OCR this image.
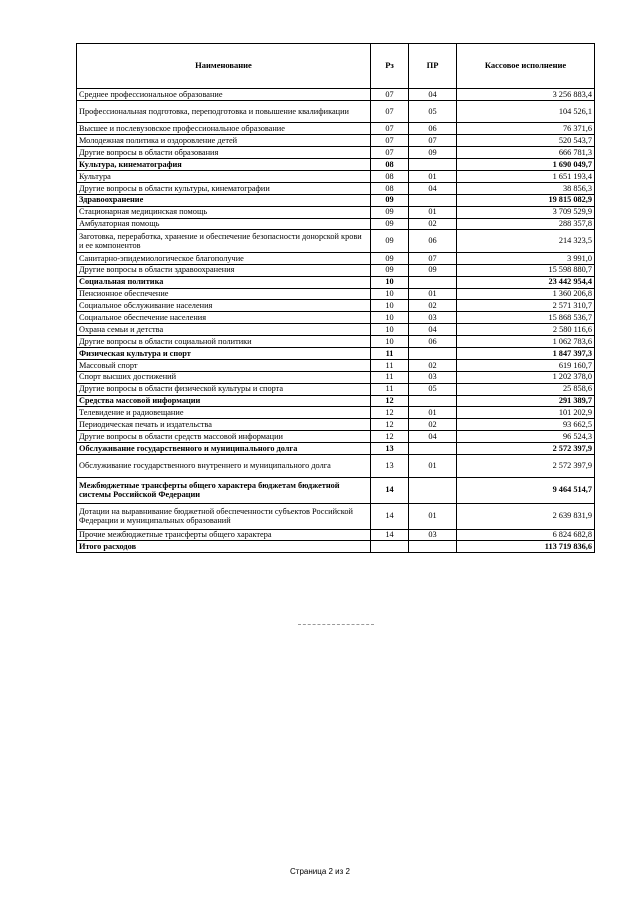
Наименование	Рз	ПР	Кассовое исполнение
Среднее профессиональное образование	07	04	3 256 883,4
Профессиональная подготовка, переподготовка и повышение квалификации	07	05	104 526,1
Высшее и послевузовское профессиональное образование	07	06	76 371,6
Молодежная политика и оздоровление детей	07	07	520 543,7
Другие вопросы в области образования	07	09	666 781,3
Культура, кинематография	08		1 690 049,7
Культура	08	01	1 651 193,4
Другие вопросы в области культуры, кинематографии	08	04	38 856,3
Здравоохранение	09		19 815 082,9
Стационарная медицинская помощь	09	01	3 709 529,9
Амбулаторная помощь	09	02	288 357,8
Заготовка, переработка, хранение и обеспечение безопасности донорской крови и ее компонентов	09	06	214 323,5
Санитарно-эпидемиологическое благополучие	09	07	3 991,0
Другие вопросы в области здравоохранения	09	09	15 598 880,7
Социальная политика	10		23 442 954,4
Пенсионное обеспечение	10	01	1 360 206,8
Социальное обслуживание населения	10	02	2 571 310,7
Социальное обеспечение населения	10	03	15 868 536,7
Охрана семьи и детства	10	04	2 580 116,6
Другие вопросы в области социальной политики	10	06	1 062 783,6
Физическая культура и спорт	11		1 847 397,3
Массовый спорт	11	02	619 160,7
Спорт высших достижений	11	03	1 202 378,0
Другие вопросы в области физической культуры и спорта	11	05	25 858,6
Средства массовой информации	12		291 389,7
Телевидение и радиовещание	12	01	101 202,9
Периодическая печать и издательства	12	02	93 662,5
Другие вопросы в области средств массовой информации	12	04	96 524,3
Обслуживание государственного и муниципального долга	13		2 572 397,9
Обслуживание государственного внутреннего и муниципального долга	13	01	2 572 397,9
Межбюджетные трансферты общего характера бюджетам бюджетной системы Российской Федерации	14		9 464 514,7
Дотации на выравнивание бюджетной обеспеченности субъектов Российской Федерации и муниципальных образований	14	01	2 639 831,9
Прочие межбюджетные трансферты общего характера	14	03	6 824 682,8
Итого расходов			113 719 836,6
Страница 2 из 2
